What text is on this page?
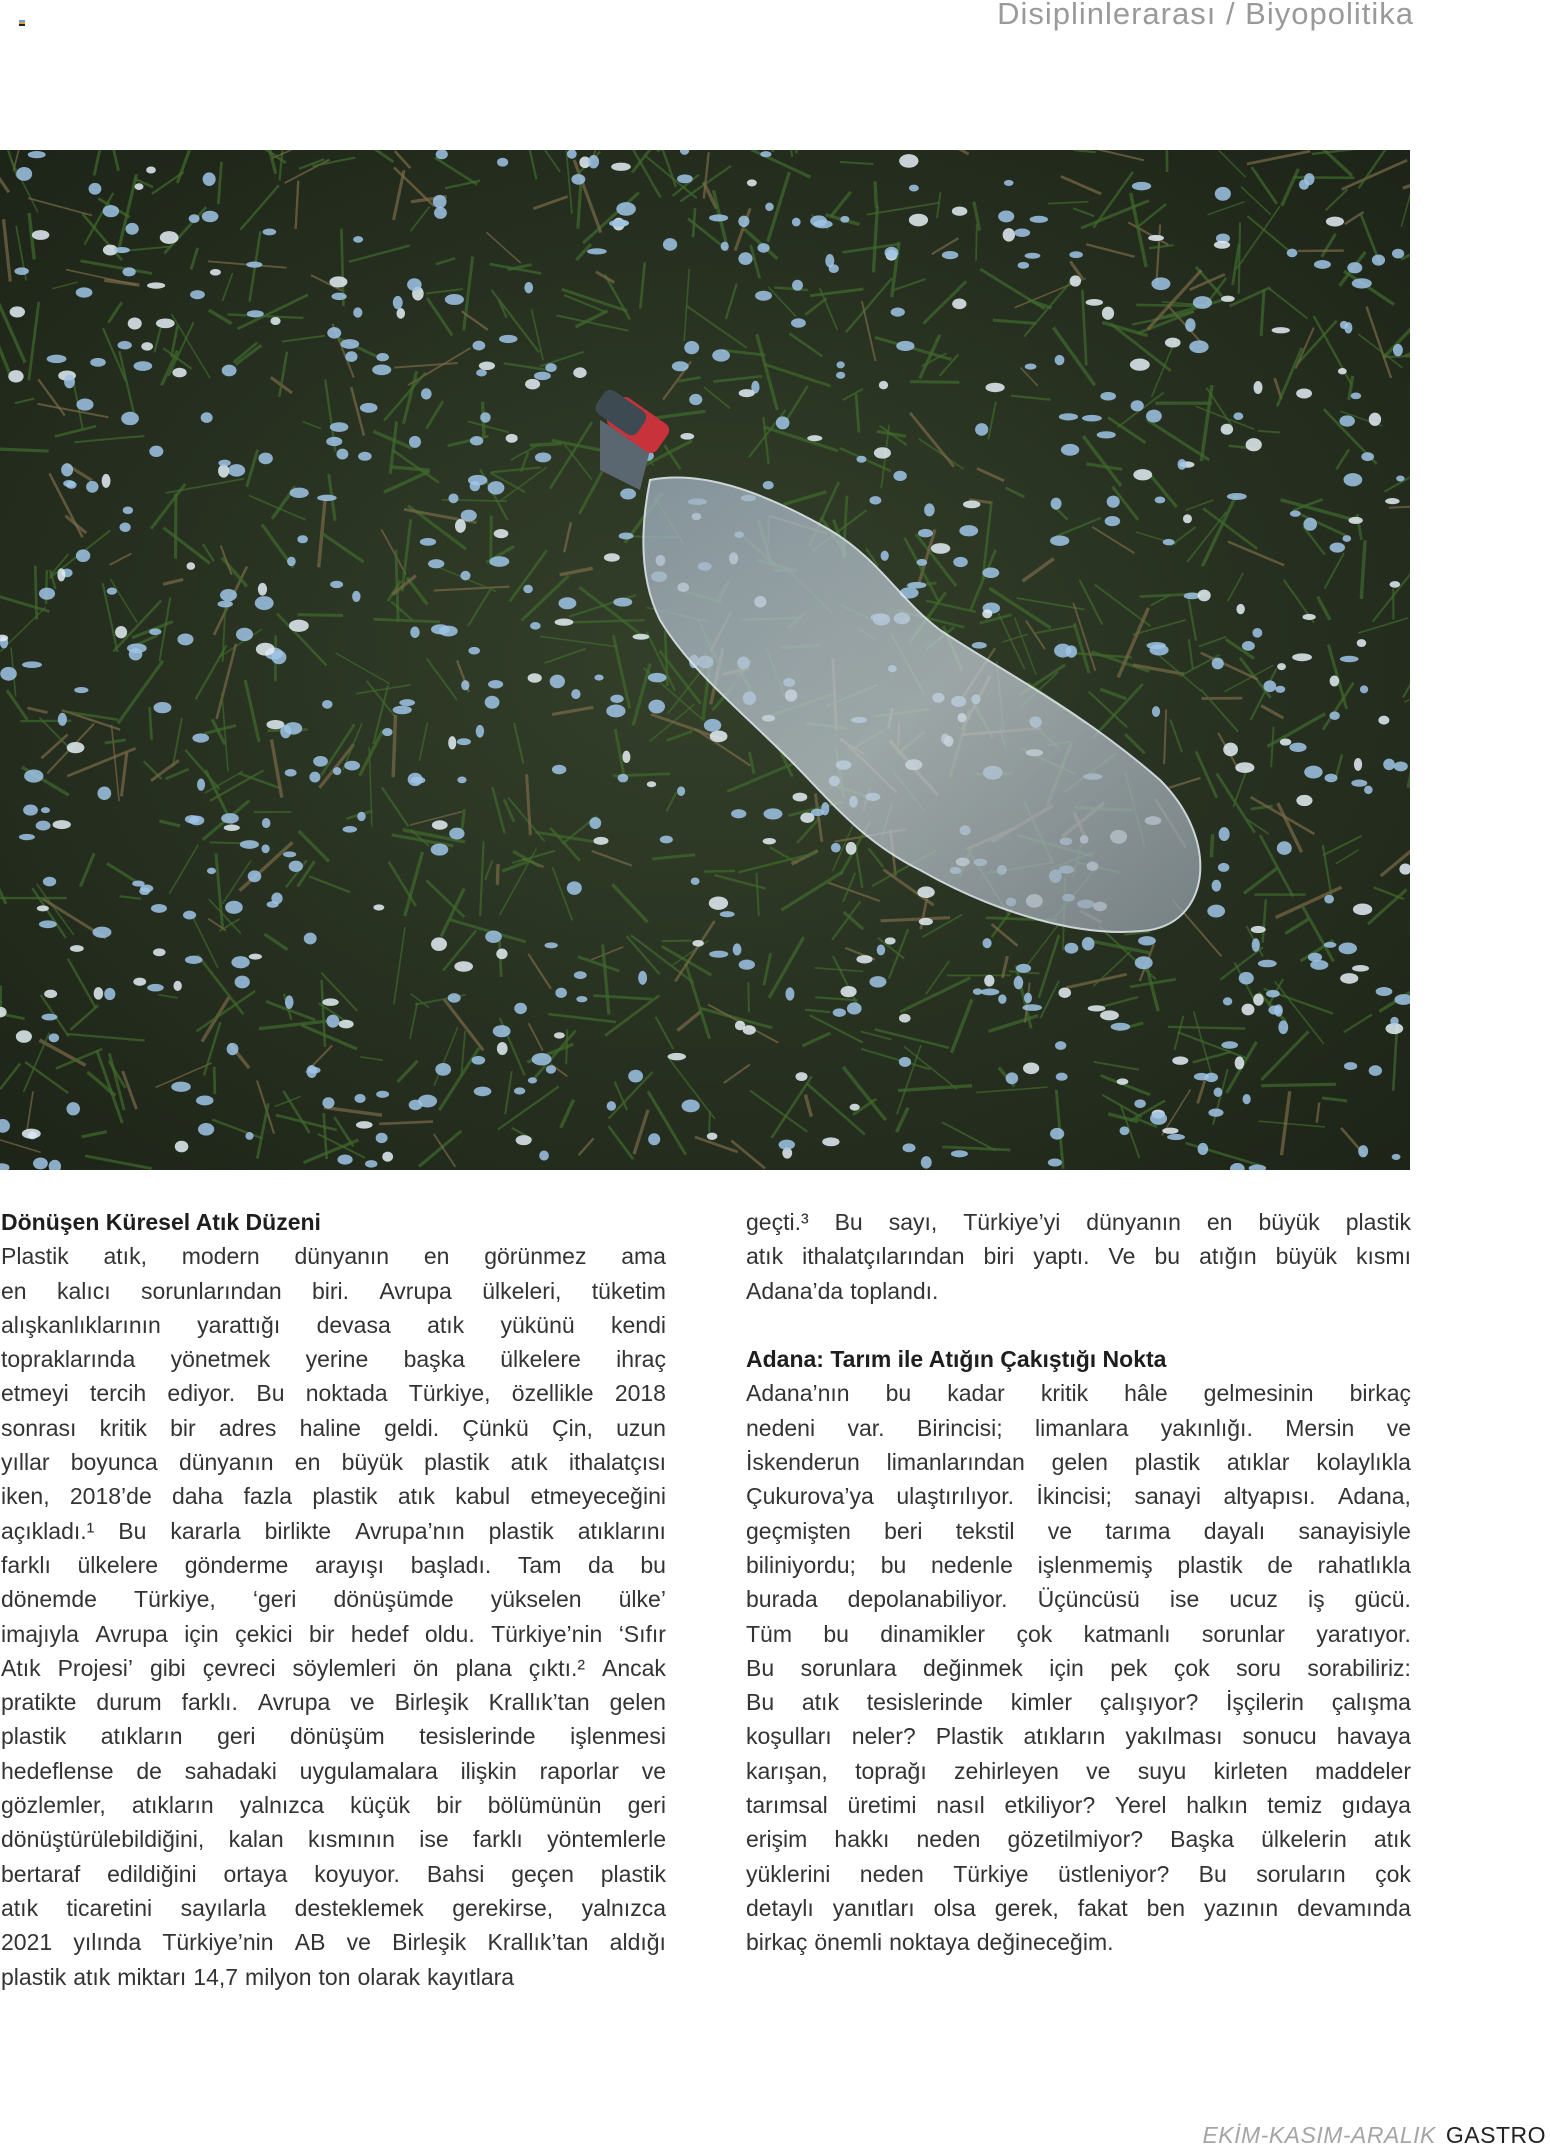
Disiplinlerarası / Biyopolitika
Dönüşen Küresel Atık Düzeni
Plastik atık, modern dünyanın en görünmez ama
en kalıcı sorunlarından biri. Avrupa ülkeleri, tüketim
alışkanlıklarının yarattığı devasa atık yükünü kendi
topraklarında yönetmek yerine başka ülkelere ihraç
etmeyi tercih ediyor. Bu noktada Türkiye, özellikle 2018
sonrası kritik bir adres haline geldi. Çünkü Çin, uzun
yıllar boyunca dünyanın en büyük plastik atık ithalatçısı
iken, 2018’de daha fazla plastik atık kabul etmeyeceğini
açıkladı.¹ Bu kararla birlikte Avrupa’nın plastik atıklarını
farklı ülkelere gönderme arayışı başladı. Tam da bu
dönemde Türkiye, ‘geri dönüşümde yükselen ülke’
imajıyla Avrupa için çekici bir hedef oldu. Türkiye’nin ‘Sıfır
Atık Projesi’ gibi çevreci söylemleri ön plana çıktı.² Ancak
pratikte durum farklı. Avrupa ve Birleşik Krallık’tan gelen
plastik atıkların geri dönüşüm tesislerinde işlenmesi
hedeflense de sahadaki uygulamalara ilişkin raporlar ve
gözlemler, atıkların yalnızca küçük bir bölümünün geri
dönüştürülebildiğini, kalan kısmının ise farklı yöntemlerle
bertaraf edildiğini ortaya koyuyor. Bahsi geçen plastik
atık ticaretini sayılarla desteklemek gerekirse, yalnızca
2021 yılında Türkiye’nin AB ve Birleşik Krallık’tan aldığı
plastik atık miktarı 14,7 milyon ton olarak kayıtlara
geçti.³ Bu sayı, Türkiye’yi dünyanın en büyük plastik
atık ithalatçılarından biri yaptı. Ve bu atığın büyük kısmı
Adana’da toplandı.
Adana: Tarım ile Atığın Çakıştığı Nokta
Adana’nın bu kadar kritik hâle gelmesinin birkaç
nedeni var. Birincisi; limanlara yakınlığı. Mersin ve
İskenderun limanlarından gelen plastik atıklar kolaylıkla
Çukurova’ya ulaştırılıyor. İkincisi; sanayi altyapısı. Adana,
geçmişten beri tekstil ve tarıma dayalı sanayisiyle
biliniyordu; bu nedenle işlenmemiş plastik de rahatlıkla
burada depolanabiliyor. Üçüncüsü ise ucuz iş gücü.
Tüm bu dinamikler çok katmanlı sorunlar yaratıyor.
Bu sorunlara değinmek için pek çok soru sorabiliriz:
Bu atık tesislerinde kimler çalışıyor? İşçilerin çalışma
koşulları neler? Plastik atıkların yakılması sonucu havaya
karışan, toprağı zehirleyen ve suyu kirleten maddeler
tarımsal üretimi nasıl etkiliyor? Yerel halkın temiz gıdaya
erişim hakkı neden gözetilmiyor? Başka ülkelerin atık
yüklerini neden Türkiye üstleniyor? Bu soruların çok
detaylı yanıtları olsa gerek, fakat ben yazının devamında
birkaç önemli noktaya değineceğim.
EKİM-KASIM-ARALIK GASTRO
